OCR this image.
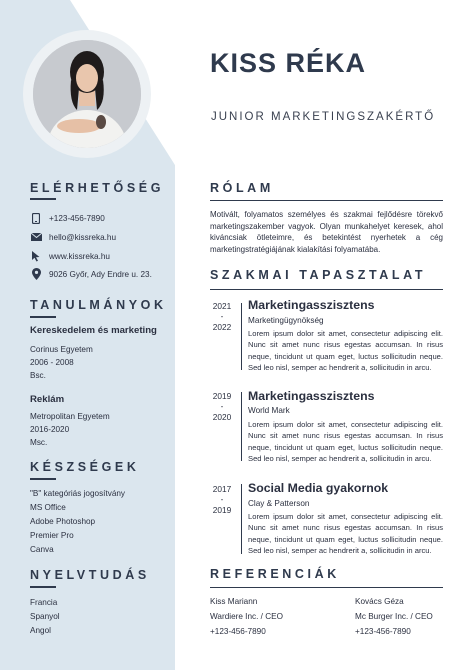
KISS RÉKA
JUNIOR MARKETINGSZAKÉRTŐ
ELÉRHETŐSÉG
+123-456-7890
hello@kissreka.hu
www.kissreka.hu
9026 Győr, Ady Endre u. 23.
TANULMÁNYOK
Kereskedelem és marketing
Corinus Egyetem
2006 - 2008
Bsc.
Reklám
Metropolitan Egyetem
2016-2020
Msc.
KÉSZSÉGEK
"B" kategóriás jogosítvány
MS Office
Adobe Photoshop
Premier Pro
Canva
NYELVTUDÁS
Francia
Spanyol
Angol
RÓLAM
Motivált, folyamatos személyes és szakmai fejlődésre törekvő marketingszakember vagyok. Olyan munkahelyet keresek, ahol kiváncsiak ötleteimre, és betekintést nyerhetek a cég marketingstratégiájának kialakítási folyamatába.
SZAKMAI TAPASZTALAT
2021
-
2022
Marketingasszisztens
Marketingügynökség
Lorem ipsum dolor sit amet, consectetur adipiscing elit. Nunc sit amet nunc risus egestas accumsan. In risus neque, tincidunt ut quam eget, luctus sollicitudin neque. Sed leo nisl, semper ac hendrerit a, sollicitudin in arcu.
2019
-
2020
Marketingasszisztens
World Mark
Lorem ipsum dolor sit amet, consectetur adipiscing elit. Nunc sit amet nunc risus egestas accumsan. In risus neque, tincidunt ut quam eget, luctus sollicitudin neque. Sed leo nisl, semper ac hendrerit a, sollicitudin in arcu.
2017
-
2019
Social Media gyakornok
Clay & Patterson
Lorem ipsum dolor sit amet, consectetur adipiscing elit. Nunc sit amet nunc risus egestas accumsan. In risus neque, tincidunt ut quam eget, luctus sollicitudin neque. Sed leo nisl, semper ac hendrerit a, sollicitudin in arcu.
REFERENCIÁK
Kiss Mariann
Wardiere Inc. / CEO
+123-456-7890
Kovács Géza
Mc Burger Inc. / CEO
+123-456-7890
